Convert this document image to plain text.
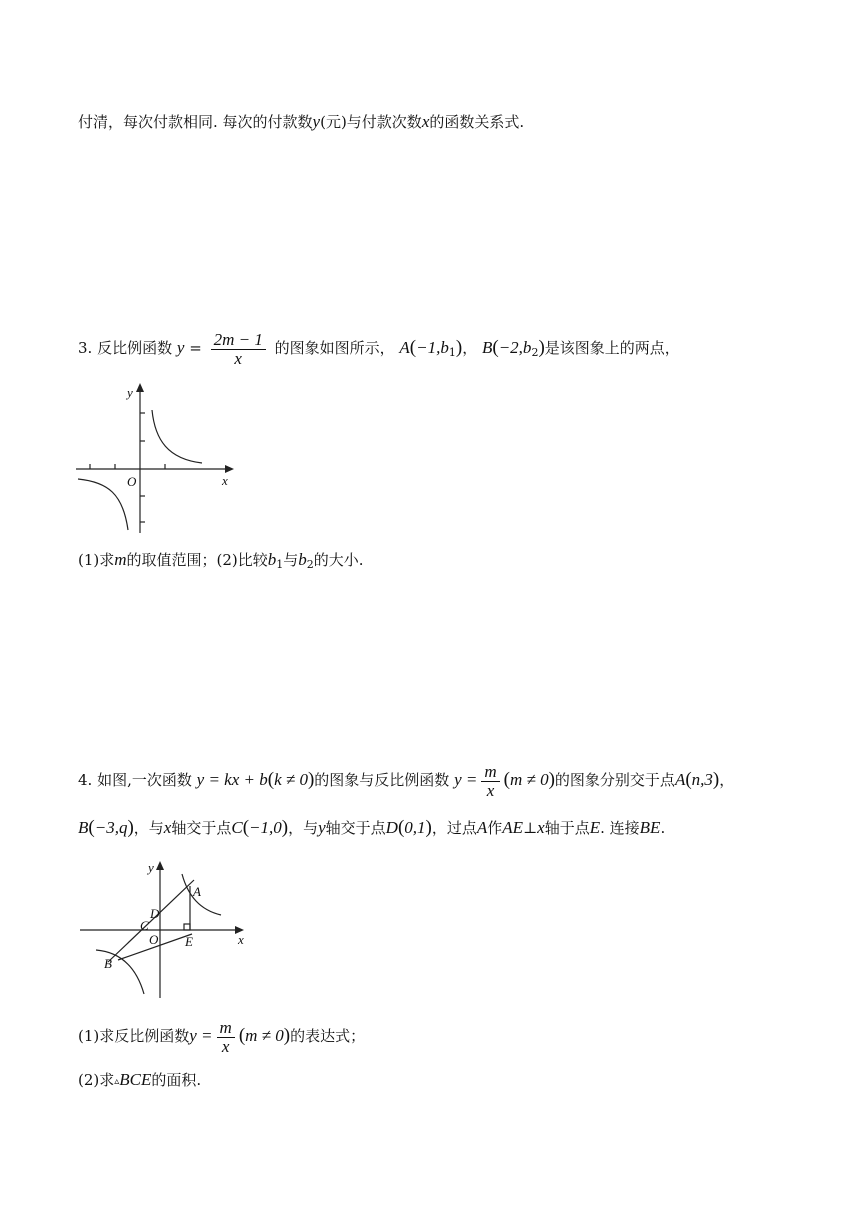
付清，每次付款相同. 每次的付款数y(元)与付款次数x的函数关系式.
3. 反比例函数 $y = \frac{2m - 1}{x}$ 的图象如图所示， $A(-1,b_1)$， $B(-2,b_2)$是该图象上的两点，
y
x
O
(1)求m的取值范围；(2)比较$b_1$与$b_2$的大小.
4. 如图,一次函数 y = kx + b(k ≠ 0)的图象与反比例函数 $y = \frac{m}{x} (m \ne 0)$的图象分别交于点A(n,3)，
B(−3,q)，与x轴交于点C(−1,0)，与y轴交于点D(0,1)，过点A作AE⊥x轴于点E. 连接BE.
y
x
A
B
C
D
O E
(1)求反比例函数$y = \frac{m}{x} (m \ne 0)$的表达式；
(2)求▵BCE的面积.
